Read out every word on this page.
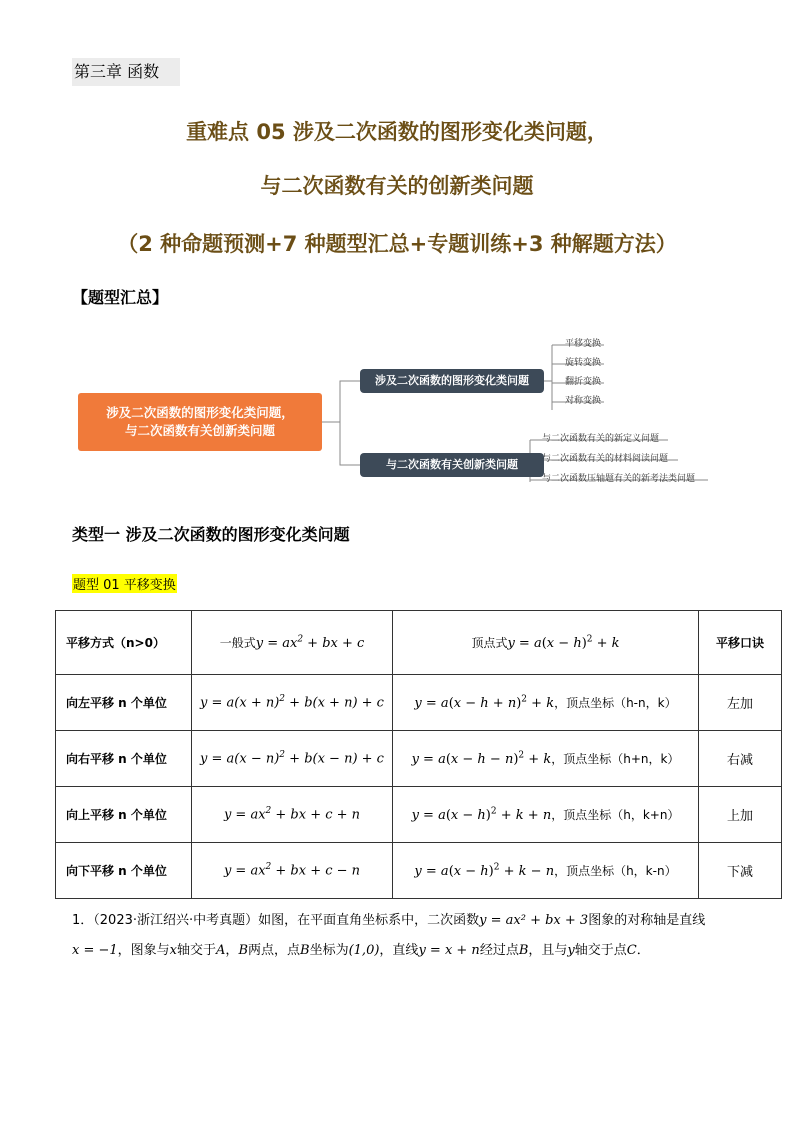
第三章 函数
重难点 05 涉及二次函数的图形变化类问题，
与二次函数有关的创新类问题
（2 种命题预测+7 种题型汇总+专题训练+3 种解题方法）
【题型汇总】
涉及二次函数的图形变化类问题，
与二次函数有关创新类问题
涉及二次函数的图形变化类问题
与二次函数有关创新类问题
平移变换
旋转变换
翻折变换
对称变换
与二次函数有关的新定义问题
与二次函数有关的材料阅读问题
与二次函数压轴题有关的新考法类问题
类型一 涉及二次函数的图形变化类问题
题型 01 平移变换
平移方式（n>0）	一般式$y = ax^2$ + bx + c	顶点式$y = a(x - h)^2 + k$	平移口诀
向左平移 n 个单位	$y = a(x + n)^2 + b(x + n) + c$	$y = a(x - h + n)^2 + k$，顶点坐标（h-n，k）	左加
向右平移 n 个单位	$y = a(x - n)^2 + b(x - n) + c$	$y = a(x - h - n)^2 + k$，顶点坐标（h+n，k）	右减
向上平移 n 个单位	$y = ax^2$ + bx + c + n	$y = a(x - h)^2 + k + n$，顶点坐标（h，k+n）	上加
向下平移 n 个单位	$y = ax^2$ + bx + c − n	$y = a(x - h)^2 + k - n$，顶点坐标（h，k-n）	下减
1．（2023·浙江绍兴·中考真题）如图，在平面直角坐标系中，二次函数y = ax² + bx + 3图象的对称轴是直线
x = −1，图象与x轴交于A，B两点，点B坐标为(1,0)，直线y = x + n经过点B，且与y轴交于点C．
